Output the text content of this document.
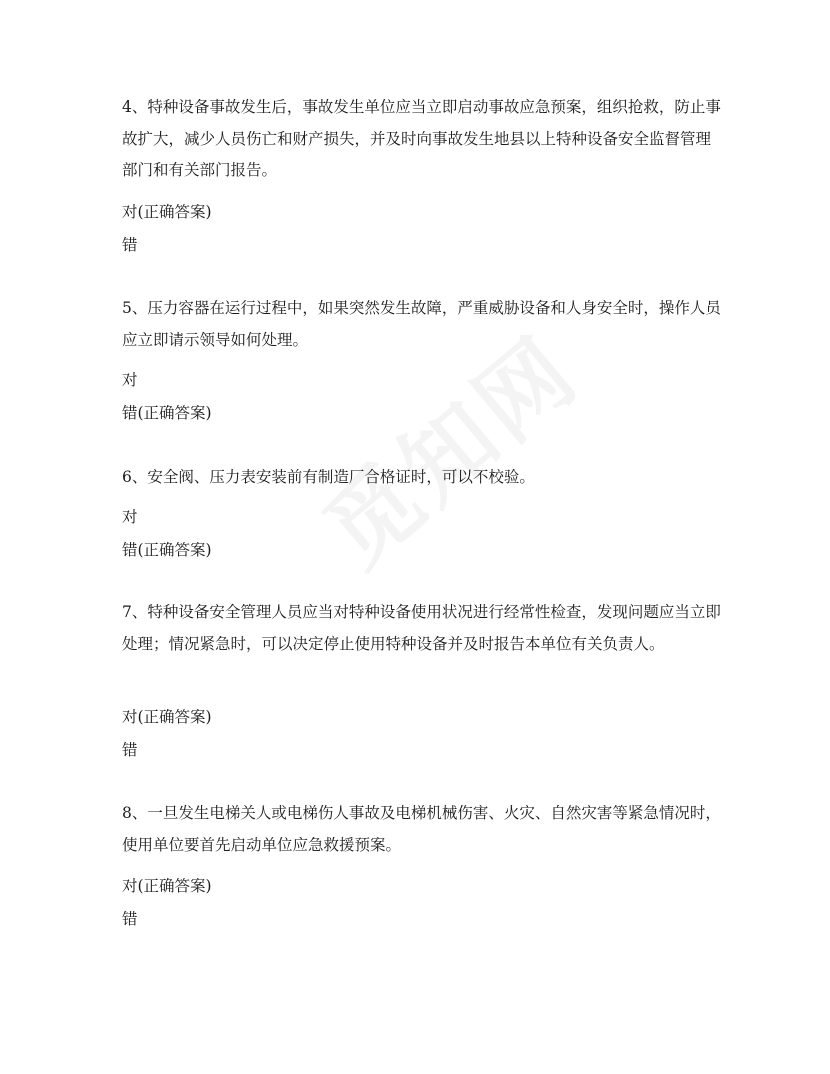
4、特种设备事故发生后，事故发生单位应当立即启动事故应急预案，组织抢救，防止事故扩大，减少人员伤亡和财产损失，并及时向事故发生地县以上特种设备安全监督管理部门和有关部门报告。

对(正确答案)

错

5、压力容器在运行过程中，如果突然发生故障，严重威胁设备和人身安全时，操作人员应立即请示领导如何处理。

对

错(正确答案)

6、安全阀、压力表安装前有制造厂合格证时，可以不校验。

对

错(正确答案)

7、特种设备安全管理人员应当对特种设备使用状况进行经常性检查，发现问题应当立即处理；情况紧急时，可以决定停止使用特种设备并及时报告本单位有关负责人。

对(正确答案)

错

8、一旦发生电梯关人或电梯伤人事故及电梯机械伤害、火灾、自然灾害等紧急情况时，使用单位要首先启动单位应急救援预案。

对(正确答案)

错
